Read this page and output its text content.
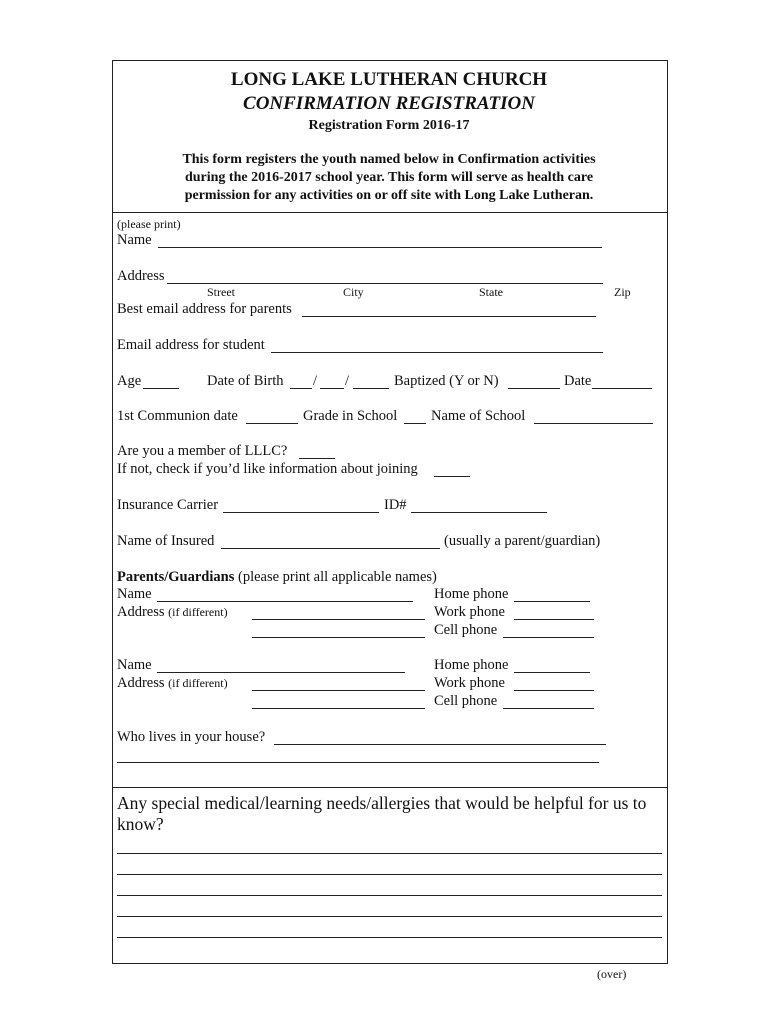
LONG LAKE LUTHERAN CHURCH
CONFIRMATION REGISTRATION
Registration Form 2016-17
This form registers the youth named below in Confirmation activities
during the 2016-2017 school year. This form will serve as health care
permission for any activities on or off site with Long Lake Lutheran.
(please print)
Name
Address
Street	City	State	Zip
Best email address for parents
Email address for student
Age	Date of Birth / /	Baptized (Y or N)	Date
1st Communion date	Grade in School Name of School
Are you a member of LLLC?
If not, check if you’d like information about joining
Insurance Carrier	ID#
Name of Insured	(usually a parent/guardian)
Parents/Guardians (please print all applicable names)
Name	Home phone
Address (if different)	Work phone
Cell phone
Name	Home phone
Address (if different)	Work phone
Cell phone
Who lives in your house?
Any special medical/learning needs/allergies that would be helpful for us to
know?
(over)
